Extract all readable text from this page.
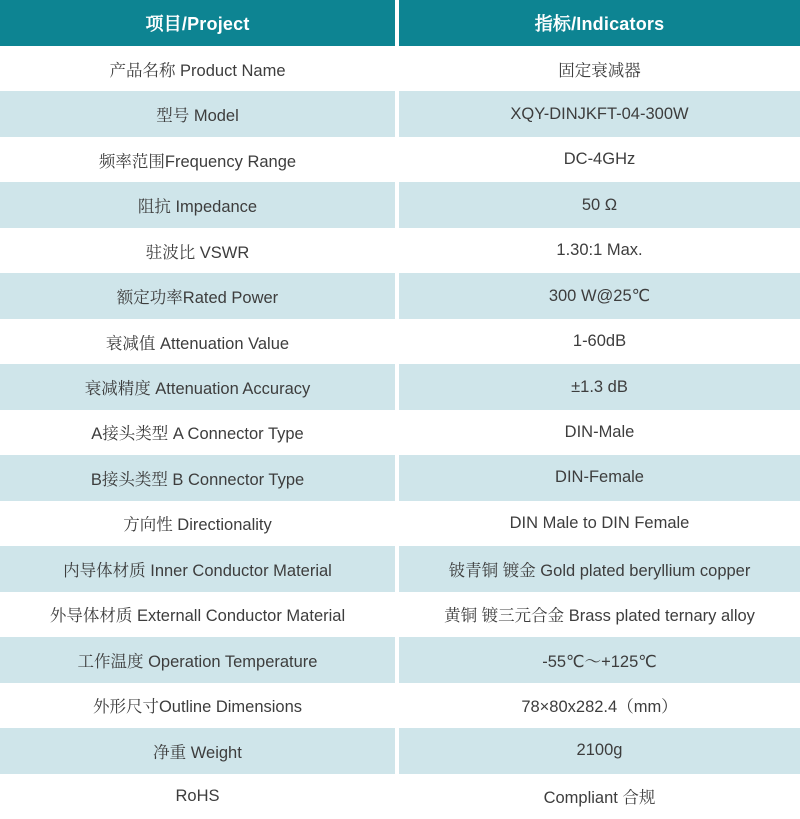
项目/Project	指标/Indicators
产品名称 Product Name	固定衰减器
型号 Model	XQY-DINJKFT-04-300W
频率范围Frequency Range	DC-4GHz
阻抗 Impedance	50 Ω
驻波比 VSWR	1.30:1 Max.
额定功率Rated Power	300 W@25℃
衰减值 Attenuation Value	1-60dB
衰减精度 Attenuation Accuracy	±1.3 dB
A接头类型 A Connector Type	DIN-Male
B接头类型 B Connector Type	DIN-Female
方向性 Directionality	DIN Male to DIN Female
内导体材质 Inner Conductor Material	铍青铜 镀金 Gold plated beryllium copper
外导体材质 Externall Conductor Material	黄铜 镀三元合金 Brass plated ternary alloy
工作温度 Operation Temperature	-55℃～+125℃
外形尺寸Outline Dimensions	78×80x282.4（mm）
净重 Weight	2100g
RoHS	Compliant 合规
